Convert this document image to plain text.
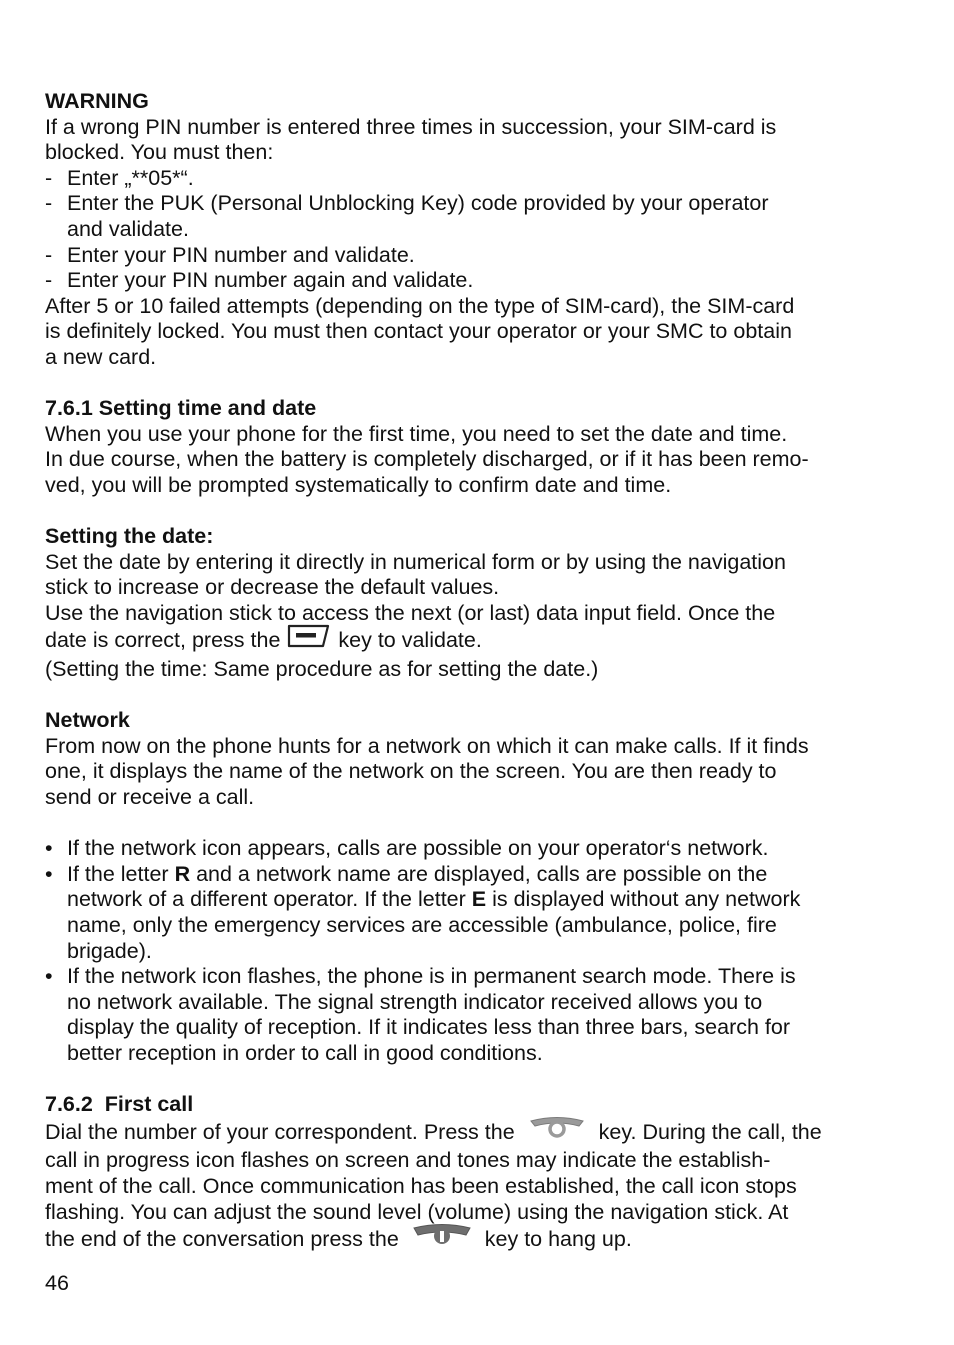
WARNING

If a wrong PIN number is entered three times in succession, your SIM-card is

blocked. You must then:

- Enter „**05*“.
- Enter the PUK (Personal Unblocking Key) code provided by your operator
and validate.
- Enter your PIN number and validate.
- Enter your PIN number again and validate.

After 5 or 10 failed attempts (depending on the type of SIM-card), the SIM-card

is definitely locked. You must then contact your operator or your SMC to obtain

a new card.

7.6.1 Setting time and date

When you use your phone for the first time, you need to set the date and time.

In due course, when the battery is completely discharged, or if it has been remo-

ved, you will be prompted systematically to confirm date and time.

Setting the date:

Set the date by entering it directly in numerical form or by using the navigation

stick to increase or decrease the default values.

Use the navigation stick to access the next (or last) data input field. Once the

date is correct, press the	key to validate.

(Setting the time: Same procedure as for setting the date.)

Network

From now on the phone hunts for a network on which it can make calls. If it finds

one, it displays the name of the network on the screen. You are then ready to

send or receive a call.

• If the network icon appears, calls are possible on your operator‘s network.
• If the letter R and a network name are displayed, calls are possible on the
network of a different operator. If the letter E is displayed without any network
name, only the emergency services are accessible (ambulance, police, fire
brigade).
• If the network icon flashes, the phone is in permanent search mode. There is
no network available. The signal strength indicator received allows you to
display the quality of reception. If it indicates less than three bars, search for
better reception in order to call in good conditions.

7.6.2  First call

Dial the number of your correspondent. Press the	key. During the call, the

call in progress icon flashes on screen and tones may indicate the establish-

ment of the call. Once communication has been established, the call icon stops

flashing. You can adjust the sound level (volume) using the navigation stick. At

the end of the conversation press the	key to hang up.

46
